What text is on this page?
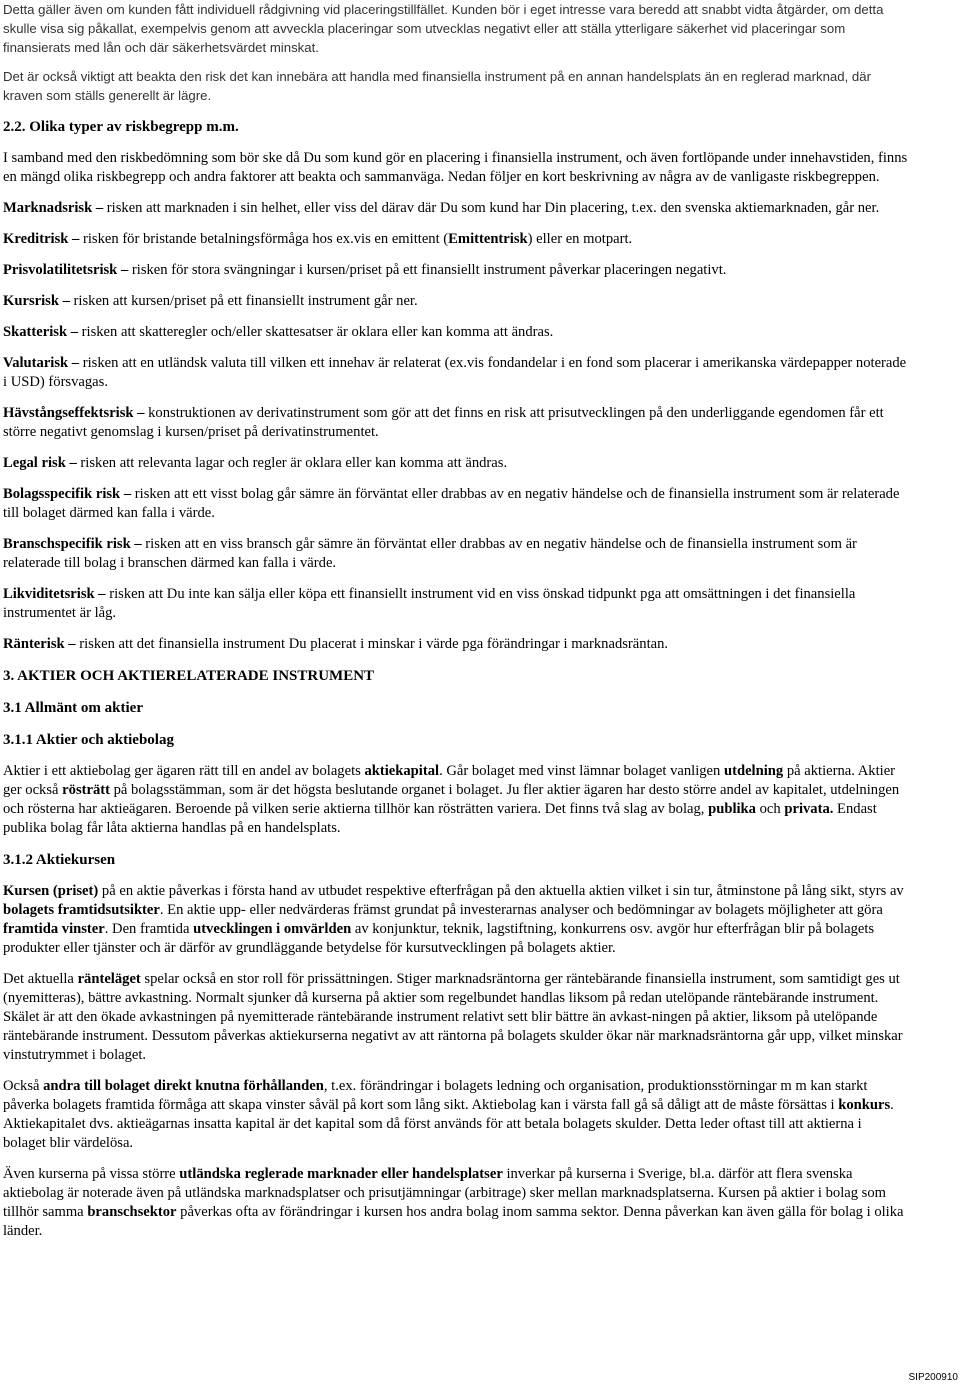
Detta gäller även om kunden fått individuell rådgivning vid placeringstillfället. Kunden bör i eget intresse vara beredd att snabbt vidta åtgärder, om detta skulle visa sig påkallat, exempelvis genom att avveckla placeringar som utvecklas negativt eller att ställa ytterligare säkerhet vid placeringar som finansierats med lån och där säkerhetsvärdet minskat.

Det är också viktigt att beakta den risk det kan innebära att handla med finansiella instrument på en annan handelsplats än en reglerad marknad, där kraven som ställs generellt är lägre.

2.2. Olika typer av riskbegrepp m.m.

I samband med den riskbedömning som bör ske då Du som kund gör en placering i finansiella instrument, och även fortlöpande under innehavstiden, finns en mängd olika riskbegrepp och andra faktorer att beakta och sammanväga. Nedan följer en kort beskrivning av några av de vanligaste riskbegreppen.

Marknadsrisk – risken att marknaden i sin helhet, eller viss del därav där Du som kund har Din placering, t.ex. den svenska aktiemarknaden, går ner.

Kreditrisk – risken för bristande betalningsförmåga hos ex.vis en emittent (Emittentrisk) eller en motpart.

Prisvolatilitetsrisk – risken för stora svängningar i kursen/priset på ett finansiellt instrument påverkar placeringen negativt.

Kursrisk – risken att kursen/priset på ett finansiellt instrument går ner.

Skatterisk – risken att skatteregler och/eller skattesatser är oklara eller kan komma att ändras.

Valutarisk – risken att en utländsk valuta till vilken ett innehav är relaterat (ex.vis fondandelar i en fond som placerar i amerikanska värdepapper noterade i USD) försvagas.

Hävstångseffektsrisk – konstruktionen av derivatinstrument som gör att det finns en risk att prisutvecklingen på den underliggande egendomen får ett större negativt genomslag i kursen/priset på derivatinstrumentet.

Legal risk – risken att relevanta lagar och regler är oklara eller kan komma att ändras.

Bolagsspecifik risk – risken att ett visst bolag går sämre än förväntat eller drabbas av en negativ händelse och de finansiella instrument som är relaterade till bolaget därmed kan falla i värde.

Branschspecifik risk – risken att en viss bransch går sämre än förväntat eller drabbas av en negativ händelse och de finansiella instrument som är relaterade till bolag i branschen därmed kan falla i värde.

Likviditetsrisk – risken att Du inte kan sälja eller köpa ett finansiellt instrument vid en viss önskad tidpunkt pga att omsättningen i det finansiella instrumentet är låg.

Ränterisk – risken att det finansiella instrument Du placerat i minskar i värde pga förändringar i marknadsräntan.

3. AKTIER OCH AKTIERELATERADE INSTRUMENT
3.1 Allmänt om aktier
3.1.1 Aktier och aktiebolag

Aktier i ett aktiebolag ger ägaren rätt till en andel av bolagets aktiekapital. Går bolaget med vinst lämnar bolaget vanligen utdelning på aktierna. Aktier ger också rösträtt på bolagsstämman, som är det högsta beslutande organet i bolaget. Ju fler aktier ägaren har desto större andel av kapitalet, utdelningen och rösterna har aktieägaren. Beroende på vilken serie aktierna tillhör kan rösträtten variera. Det finns två slag av bolag, publika och privata. Endast publika bolag får låta aktierna handlas på en handelsplats.

3.1.2 Aktiekursen

Kursen (priset) på en aktie påverkas i första hand av utbudet respektive efterfrågan på den aktuella aktien vilket i sin tur, åtminstone på lång sikt, styrs av bolagets framtidsutsikter. En aktie upp- eller nedvärderas främst grundat på investerarnas analyser och bedömningar av bolagets möjligheter att göra framtida vinster. Den framtida utvecklingen i omvärlden av konjunktur, teknik, lagstiftning, konkurrens osv. avgör hur efterfrågan blir på bolagets produkter eller tjänster och är därför av grundläggande betydelse för kursutvecklingen på bolagets aktier.

Det aktuella ränteläget spelar också en stor roll för prissättningen. Stiger marknadsräntorna ger räntebärande finansiella instrument, som samtidigt ges ut (nyemitteras), bättre avkastning. Normalt sjunker då kurserna på aktier som regelbundet handlas liksom på redan utelöpande räntebärande instrument. Skälet är att den ökade avkastningen på nyemitterade räntebärande instrument relativt sett blir bättre än avkast-ningen på aktier, liksom på utelöpande räntebärande instrument. Dessutom påverkas aktiekurserna negativt av att räntorna på bolagets skulder ökar när marknadsräntorna går upp, vilket minskar vinstutrymmet i bolaget.

Också andra till bolaget direkt knutna förhållanden, t.ex. förändringar i bolagets ledning och organisation, produktionsstörningar m m kan starkt påverka bolagets framtida förmåga att skapa vinster såväl på kort som lång sikt. Aktiebolag kan i värsta fall gå så dåligt att de måste försättas i konkurs. Aktiekapitalet dvs. aktieägarnas insatta kapital är det kapital som då först används för att betala bolagets skulder. Detta leder oftast till att aktierna i bolaget blir värdelösa.

Även kurserna på vissa större utländska reglerade marknader eller handelsplatser inverkar på kurserna i Sverige, bl.a. därför att flera svenska aktiebolag är noterade även på utländska marknadsplatser och prisutjämningar (arbitrage) sker mellan marknadsplatserna. Kursen på aktier i bolag som tillhör samma branschsektor påverkas ofta av förändringar i kursen hos andra bolag inom samma sektor. Denna påverkan kan även gälla för bolag i olika länder.

SIP200910
